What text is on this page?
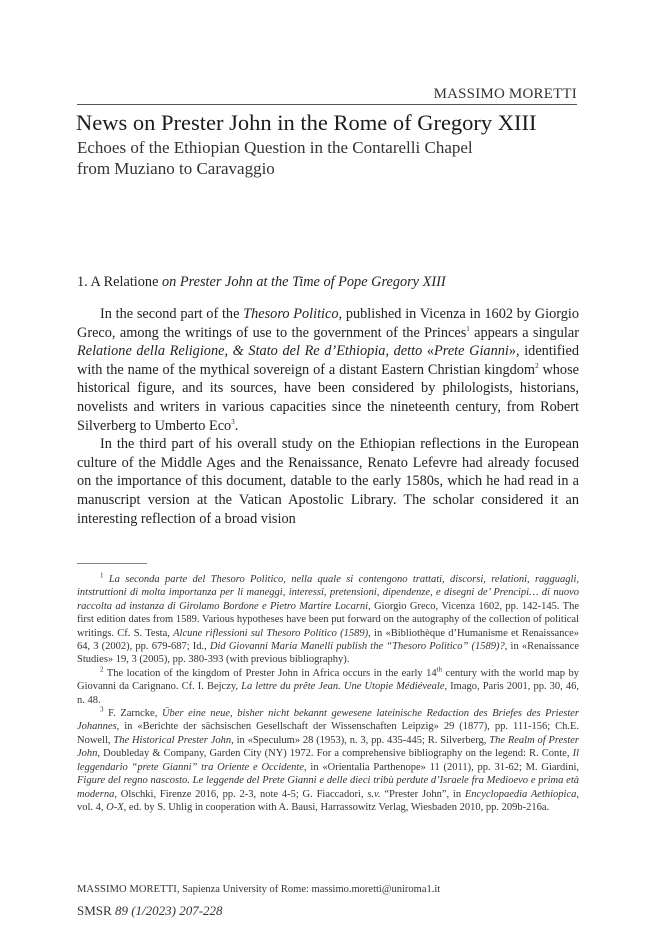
MASSIMO MORETTI
News on Prester John in the Rome of Gregory XIII
Echoes of the Ethiopian Question in the Contarelli Chapel
from Muziano to Caravaggio
1. A Relatione on Prester John at the Time of Pope Gregory XIII

In the second part of the Thesoro Politico, published in Vicenza in 1602 by Giorgio Greco, among the writings of use to the government of the Princes$^1$ appears a singular Relatione della Religione, & Stato del Re d’Ethiopia, detto «Prete Gianni», identified with the name of the mythical sovereign of a distant Eastern Christian kingdom$^2$ whose historical figure, and its sources, have been considered by philologists, historians, novelists and writers in various capacities since the nineteenth century, from Robert Silverberg to Umberto Eco$^3$.

In the third part of his overall study on the Ethiopian reflections in the European culture of the Middle Ages and the Renaissance, Renato Lefevre had already focused on the importance of this document, datable to the early 1580s, which he had read in a manuscript version at the Vatican Apostolic Library. The scholar considered it an interesting reflection of a broad vision

$^1$ La seconda parte del Thesoro Politico, nella quale si contengono trattati, discorsi, relationi, ragguagli, intstruttioni di molta importanza per li maneggi, interessi, pretensioni, dipendenze, e disegni de’ Prencipi… di nuovo raccolta ad instanza di Girolamo Bordone e Pietro Martire Locarni, Giorgio Greco, Vicenza 1602, pp. 142-145. The first edition dates from 1589. Various hypotheses have been put forward on the autography of the collection of political writings. Cf. S. Testa, Alcune riflessioni sul Thesoro Politico (1589), in «Bibliothèque d’Humanisme et Renaissance» 64, 3 (2002), pp. 679-687; Id., Did Giovanni Maria Manelli publish the “Thesoro Politico” (1589)?, in «Renaissance Studies» 19, 3 (2005), pp. 380-393 (with previous bibliography).

$^2$ The location of the kingdom of Prester John in Africa occurs in the early 14th century with the world map by Giovanni da Carignano. Cf. I. Bejczy, La lettre du prête Jean. Une Utopie Médiéveale, Imago, Paris 2001, pp. 30, 46, n. 48.

$^3$ F. Zarncke, Über eine neue, bisher nicht bekannt gewesene lateinische Redaction des Briefes des Priester Johannes, in «Berichte der sächsischen Gesellschaft der Wissenschaften Leipzig» 29 (1877), pp. 111-156; Ch.E. Nowell, The Historical Prester John, in «Speculum» 28 (1953), n. 3, pp. 435-445; R. Silverberg, The Realm of Prester John, Doubleday & Company, Garden City (NY) 1972. For a comprehensive bibliography on the legend: R. Conte, Il leggendario “prete Gianni” tra Oriente e Occidente, in «Orientalia Parthenope» 11 (2011), pp. 31-62; M. Giardini, Figure del regno nascosto. Le leggende del Prete Gianni e delle dieci tribù perdute d’Israele fra Medioevo e prima età moderna, Olschki, Firenze 2016, pp. 2-3, note 4-5; G. Fiaccadori, s.v. “Prester John”, in Encyclopaedia Aethiopica, vol. 4, O-X, ed. by S. Uhlig in cooperation with A. Bausi, Harrassowitz Verlag, Wiesbaden 2010, pp. 209b-216a.

MASSIMO MORETTI, Sapienza University of Rome: massimo.moretti@uniroma1.it
SMSR 89 (1/2023) 207-228
